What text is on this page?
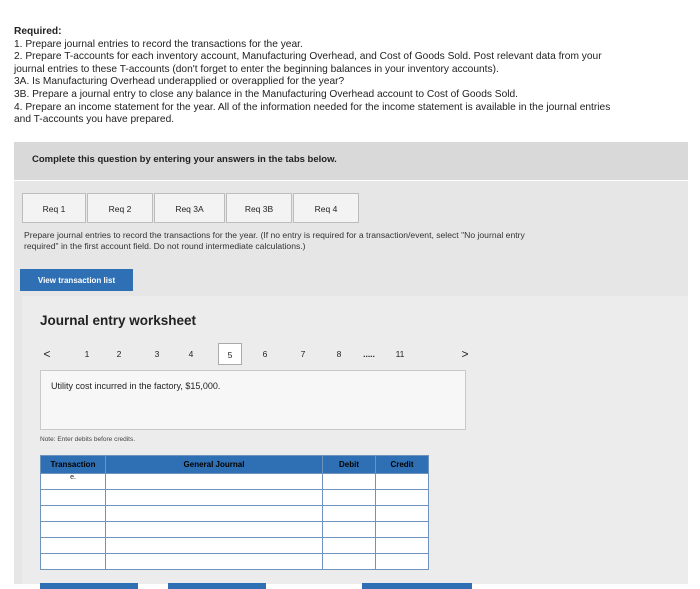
Required:
1. Prepare journal entries to record the transactions for the year.
2. Prepare T-accounts for each inventory account, Manufacturing Overhead, and Cost of Goods Sold. Post relevant data from your
journal entries to these T-accounts (don't forget to enter the beginning balances in your inventory accounts).
3A. Is Manufacturing Overhead underapplied or overapplied for the year?
3B. Prepare a journal entry to close any balance in the Manufacturing Overhead account to Cost of Goods Sold.
4. Prepare an income statement for the year. All of the information needed for the income statement is available in the journal entries
and T-accounts you have prepared.
Complete this question by entering your answers in the tabs below.
Req 1	Req 2	Req 3A	Req 3B	Req 4
Prepare journal entries to record the transactions for the year. (If no entry is required for a transaction/event, select "No journal entry
required" in the first account field. Do not round intermediate calculations.)
View transaction list
Journal entry worksheet
<	1	2	3	4	5	6	7	8	.....	11	>
Utility cost incurred in the factory, $15,000.
Note: Enter debits before credits.
Transaction	General Journal	Debit	Credit
e.			
